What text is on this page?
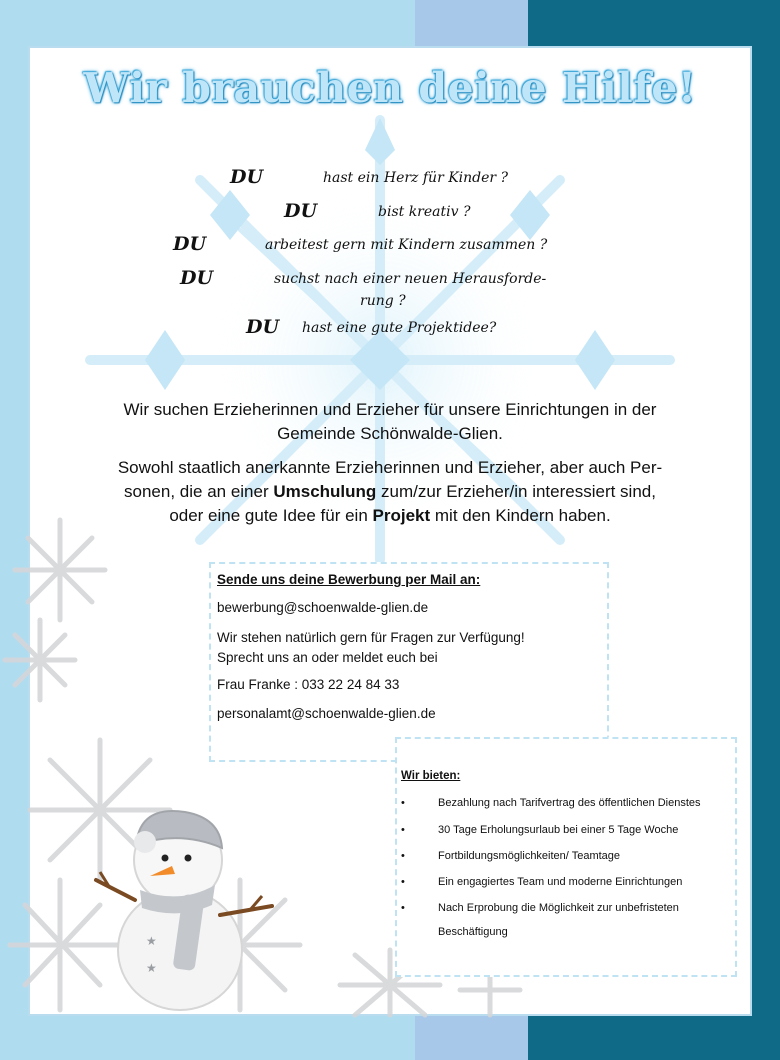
★
★
Wir brauchen deine Hilfe!
DU	hast ein Herz für Kinder ?
DU	bist kreativ ?
DU	arbeitest gern mit Kindern zusammen ?
DU	suchst nach einer neuen Herausforde-
rung ?
DU hast eine gute Projektidee?
Wir suchen Erzieherinnen und Erzieher für unsere Einrichtungen in der
Gemeinde Schönwalde-Glien.
Sowohl staatlich anerkannte Erzieherinnen und Erzieher, aber auch Per-
sonen, die an einer Umschulung zum/zur Erzieher/in interessiert sind,
oder eine gute Idee für ein Projekt mit den Kindern haben.
Sende uns deine Bewerbung per Mail an:
bewerbung@schoenwalde-glien.de
Wir stehen natürlich gern für Fragen zur Verfügung!
Sprecht uns an oder meldet euch bei
Frau Franke : 033 22 24 84 33
personalamt@schoenwalde-glien.de
Wir bieten:
•	Bezahlung nach Tarifvertrag des öffentlichen Dienstes
•	30 Tage Erholungsurlaub bei einer 5 Tage Woche
•	Fortbildungsmöglichkeiten/ Teamtage
•	Ein engagiertes Team und moderne Einrichtungen
•	Nach Erprobung die Möglichkeit zur unbefristeten Beschäftigung
